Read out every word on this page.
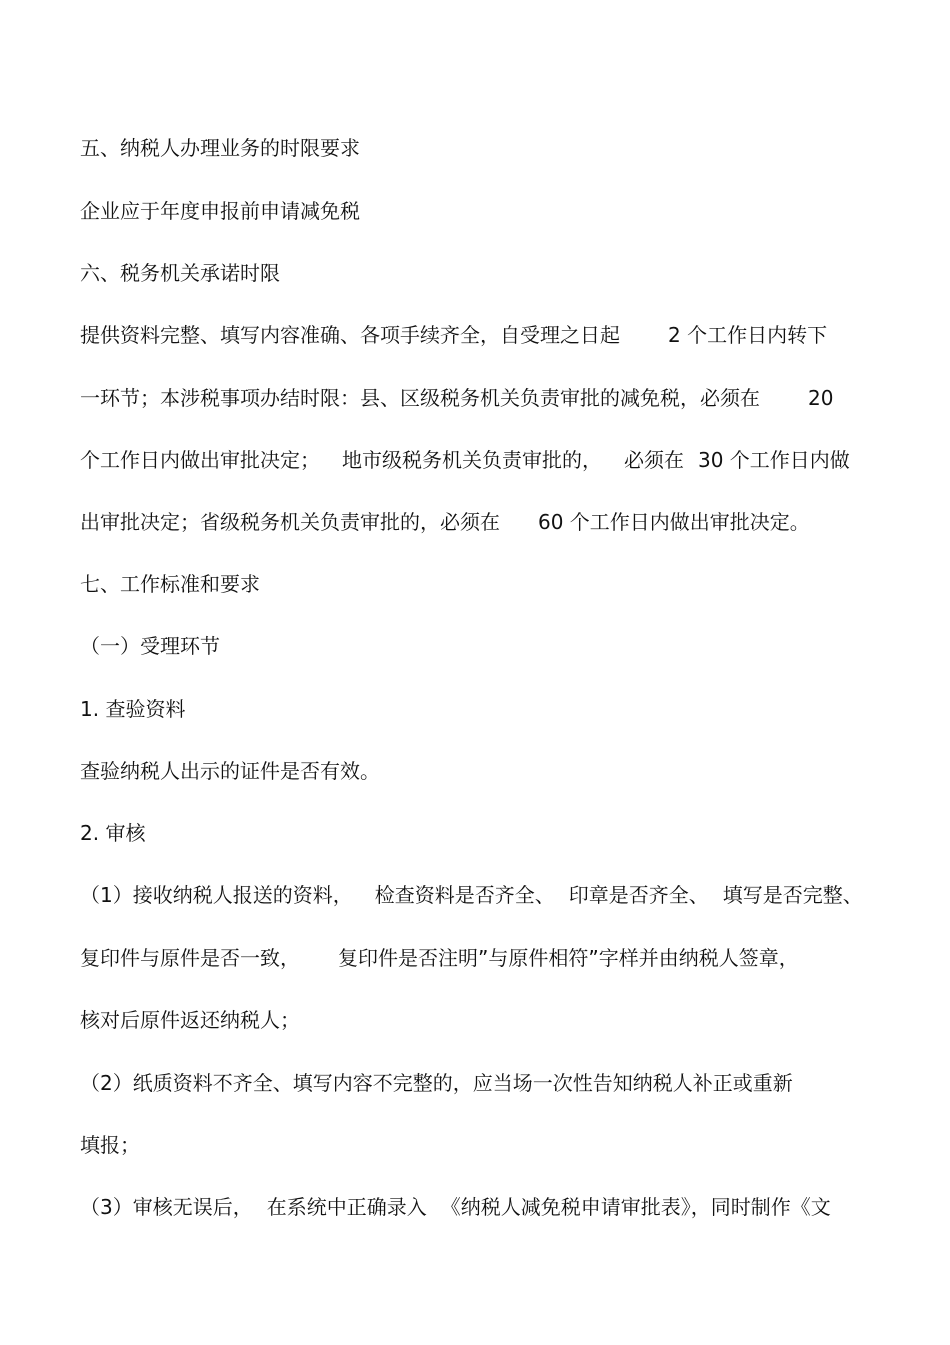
五、纳税人办理业务的时限要求
企业应于年度申报前申请减免税
六、税务机关承诺时限
提供资料完整、填写内容准确、各项手续齐全，自受理之日起 2 个工作日内转下
一环节；本涉税事项办结时限：县、区级税务机关负责审批的减免税，必须在 20
个工作日内做出审批决定； 地市级税务机关负责审批的， 必须在 30 个工作日内做
出审批决定；省级税务机关负责审批的，必须在 60 个工作日内做出审批决定。
七、工作标准和要求
（一）受理环节
1. 查验资料
查验纳税人出示的证件是否有效。
2. 审核
（1）接收纳税人报送的资料， 检查资料是否齐全、 印章是否齐全、 填写是否完整、
复印件与原件是否一致， 复印件是否注明”与原件相符”字样并由纳税人签章，
核对后原件返还纳税人；
（2）纸质资料不齐全、填写内容不完整的，应当场一次性告知纳税人补正或重新
填报；
（3）审核无误后， 在系统中正确录入 《纳税人减免税申请审批表》，同时制作《文
